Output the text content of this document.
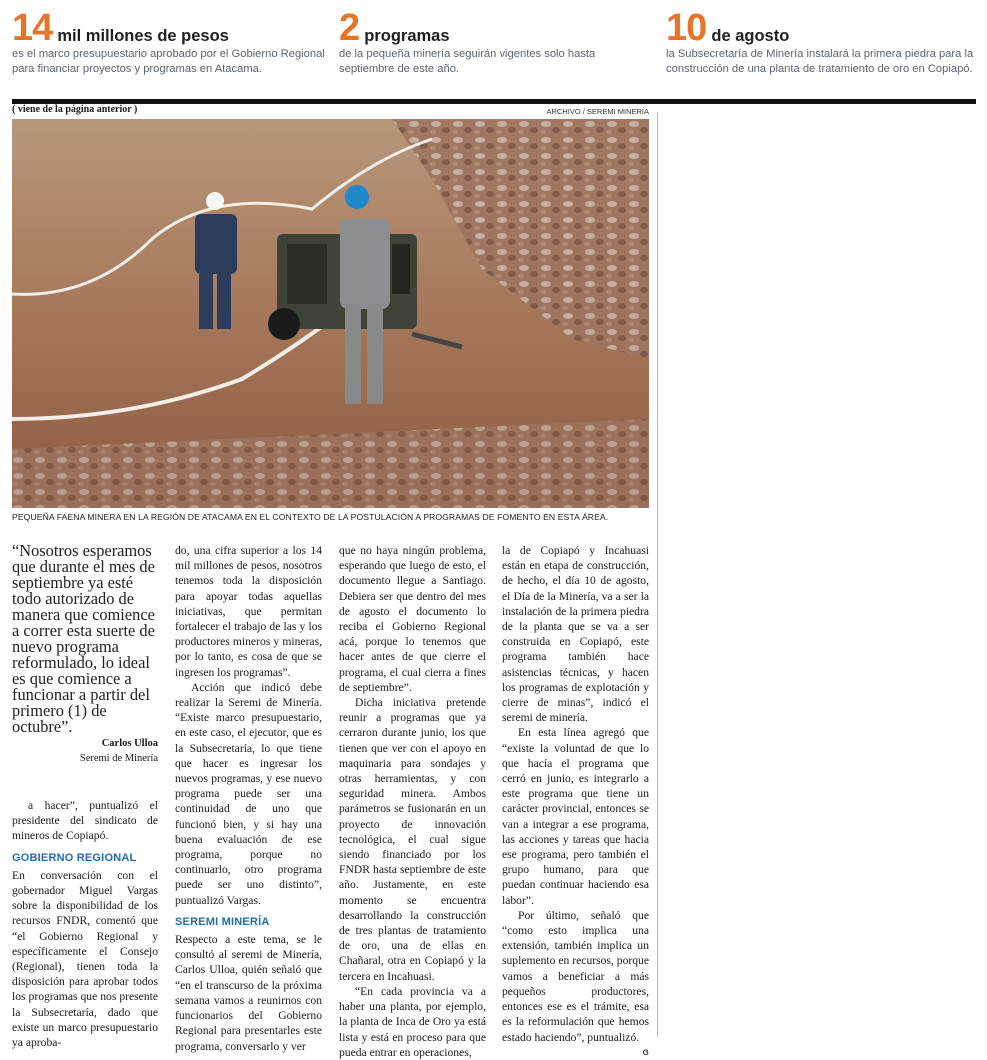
14 mil millones de pesos
es el marco presupuestario aprobado por el Gobierno Regional para financiar proyectos y programas en Atacama.
2 programas
de la pequeña minería seguirán vigentes solo hasta septiembre de este año.
10 de agosto
la Subsecretaría de Minería instalará la primera piedra para la construcción de una planta de tratamiento de oro en Copiapó.
( viene de la página anterior )	ARCHIVO / SEREMI MINERÍA
PEQUEÑA FAENA MINERA EN LA REGIÓN DE ATACAMA EN EL CONTEXTO DE LA POSTULACIÓN A PROGRAMAS DE FOMENTO EN ESTA ÁREA.
“Nosotros esperamos que durante el mes de septiembre ya esté todo autorizado de manera que comience a correr esta suerte de nuevo programa reformulado, lo ideal es que comience a funcionar a partir del primero (1) de octubre”.
Carlos Ulloa
Seremi de Minería

a hacer”, puntualizó el presidente del sindicato de mineros de Copiapó.

GOBIERNO REGIONAL

En conversación con el gobernador Miguel Vargas sobre la disponibilidad de los recursos FNDR, comentó que “el Gobierno Regional y específicamente el Consejo (Regional), tienen toda la disposición para aprobar todos los programas que nos presente la Subsecretaría, dado que existe un marco presupuestario ya aproba-

do, una cifra superior a los 14 mil millones de pesos, nosotros tenemos toda la disposición para apoyar todas aquellas iniciativas, que permitan fortalecer el trabajo de las y los productores mineros y mineras, por lo tanto, es cosa de que se ingresen los programas”.

Acción que indicó debe realizar la Seremi de Minería. “Existe marco presupuestario, en este caso, el ejecutor, que es la Subsecretaría, lo que tiene que hacer es ingresar los nuevos programas, y ese nuevo programa puede ser una continuidad de uno que funcionó bien, y si hay una buena evaluación de ese programa, porque no continuarlo, otro programa puede ser uno distinto”, puntualizó Vargas.

SEREMI MINERÍA

Respecto a este tema, se le consultó al seremi de Minería, Carlos Ulloa, quién señaló que “en el transcurso de la próxima semana vamos a reunirnos con funcionarios del Gobierno Regional para presentarles este programa, conversarlo y ver

que no haya ningún problema, esperando que luego de esto, el documento llegue a Santiago. Debiera ser que dentro del mes de agosto el documento lo reciba el Gobierno Regional acá, porque lo tenemos que hacer antes de que cierre el programa, el cual cierra a fines de septiembre”.

Dicha iniciativa pretende reunir a programas que ya cerraron durante junio, los que tienen que ver con el apoyo en maquinaria para sondajes y otras herramientas, y con seguridad minera. Ambos parámetros se fusionarán en un proyecto de innovación tecnológica, el cual sigue siendo financiado por los FNDR hasta septiembre de este año. Justamente, en este momento se encuentra desarrollando la construcción de tres plantas de tratamiento de oro, una de ellas en Chañaral, otra en Copiapó y la tercera en Incahuasi.

“En cada provincia va a haber una planta, por ejemplo, la planta de Inca de Oro ya está lista y está en proceso para que pueda entrar en operaciones,

la de Copiapó y Incahuasi están en etapa de construcción, de hecho, el día 10 de agosto, el Día de la Minería, va a ser la instalación de la primera piedra de la planta que se va a ser construida en Copiapó, este programa también hace asistencias técnicas, y hacen los programas de explotación y cierre de minas”, indicó el seremi de minería.

En esta línea agregó que “existe la voluntad de que lo que hacía el programa que cerró en junio, es integrarlo a este programa que tiene un carácter provincial, entonces se van a integrar a ese programa, las acciones y tareas que hacia ese programa, pero también el grupo humano, para que puedan continuar haciendo esa labor”.

Por último, señaló que “como esto implica una extensión, también implica un suplemento en recursos, porque vamos a beneficiar a más pequeños productores, entonces ese es el trámite, esa es la reformulación que hemos estado haciendo”, puntualizó.
ɞ
